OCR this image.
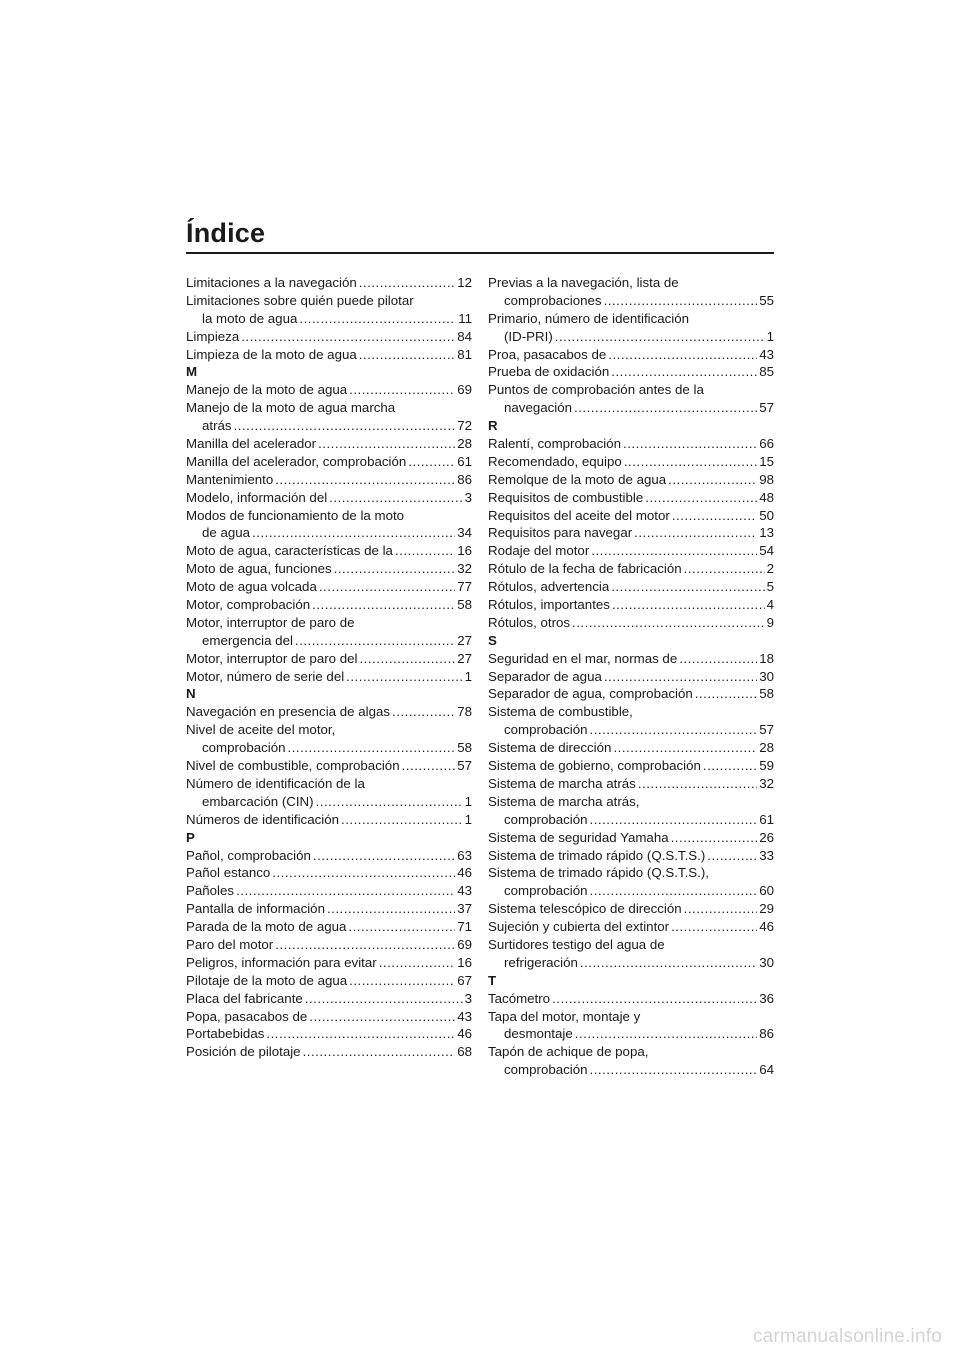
Índice
Limitaciones a la navegación .....	12
Limitaciones sobre quién puede pilotar
la moto de agua .....	11
Limpieza .....	84
Limpieza de la moto de agua .....	81
M
Manejo de la moto de agua .....	69
Manejo de la moto de agua marcha
atrás .....	72
Manilla del acelerador .....	28
Manilla del acelerador, comprobación .....	61
Mantenimiento .....	86
Modelo, información del .....	3
Modos de funcionamiento de la moto
de agua .....	34
Moto de agua, características de la .....	16
Moto de agua, funciones .....	32
Moto de agua volcada .....	77
Motor, comprobación .....	58
Motor, interruptor de paro de
emergencia del .....	27
Motor, interruptor de paro del .....	27
Motor, número de serie del .....	1
N
Navegación en presencia de algas .....	78
Nivel de aceite del motor,
comprobación .....	58
Nivel de combustible, comprobación .....	57
Número de identificación de la
embarcación (CIN) .....	1
Números de identificación .....	1
P
Pañol, comprobación .....	63
Pañol estanco .....	46
Pañoles .....	43
Pantalla de información .....	37
Parada de la moto de agua .....	71
Paro del motor .....	69
Peligros, información para evitar .....	16
Pilotaje de la moto de agua .....	67
Placa del fabricante .....	3
Popa, pasacabos de .....	43
Portabebidas .....	46
Posición de pilotaje .....	68
Previas a la navegación, lista de
comprobaciones .....	55
Primario, número de identificación
(ID-PRI) .....	1
Proa, pasacabos de .....	43
Prueba de oxidación .....	85
Puntos de comprobación antes de la
navegación .....	57
R
Ralentí, comprobación .....	66
Recomendado, equipo .....	15
Remolque de la moto de agua .....	98
Requisitos de combustible .....	48
Requisitos del aceite del motor .....	50
Requisitos para navegar .....	13
Rodaje del motor .....	54
Rótulo de la fecha de fabricación .....	2
Rótulos, advertencia .....	5
Rótulos, importantes .....	4
Rótulos, otros .....	9
S
Seguridad en el mar, normas de .....	18
Separador de agua .....	30
Separador de agua, comprobación .....	58
Sistema de combustible,
comprobación .....	57
Sistema de dirección .....	28
Sistema de gobierno, comprobación .....	59
Sistema de marcha atrás .....	32
Sistema de marcha atrás,
comprobación .....	61
Sistema de seguridad Yamaha .....	26
Sistema de trimado rápido (Q.S.T.S.) .....	33
Sistema de trimado rápido (Q.S.T.S.),
comprobación .....	60
Sistema telescópico de dirección .....	29
Sujeción y cubierta del extintor .....	46
Surtidores testigo del agua de
refrigeración .....	30
T
Tacómetro .....	36
Tapa del motor, montaje y
desmontaje .....	86
Tapón de achique de popa,
comprobación .....	64
carmanualsonline.info
